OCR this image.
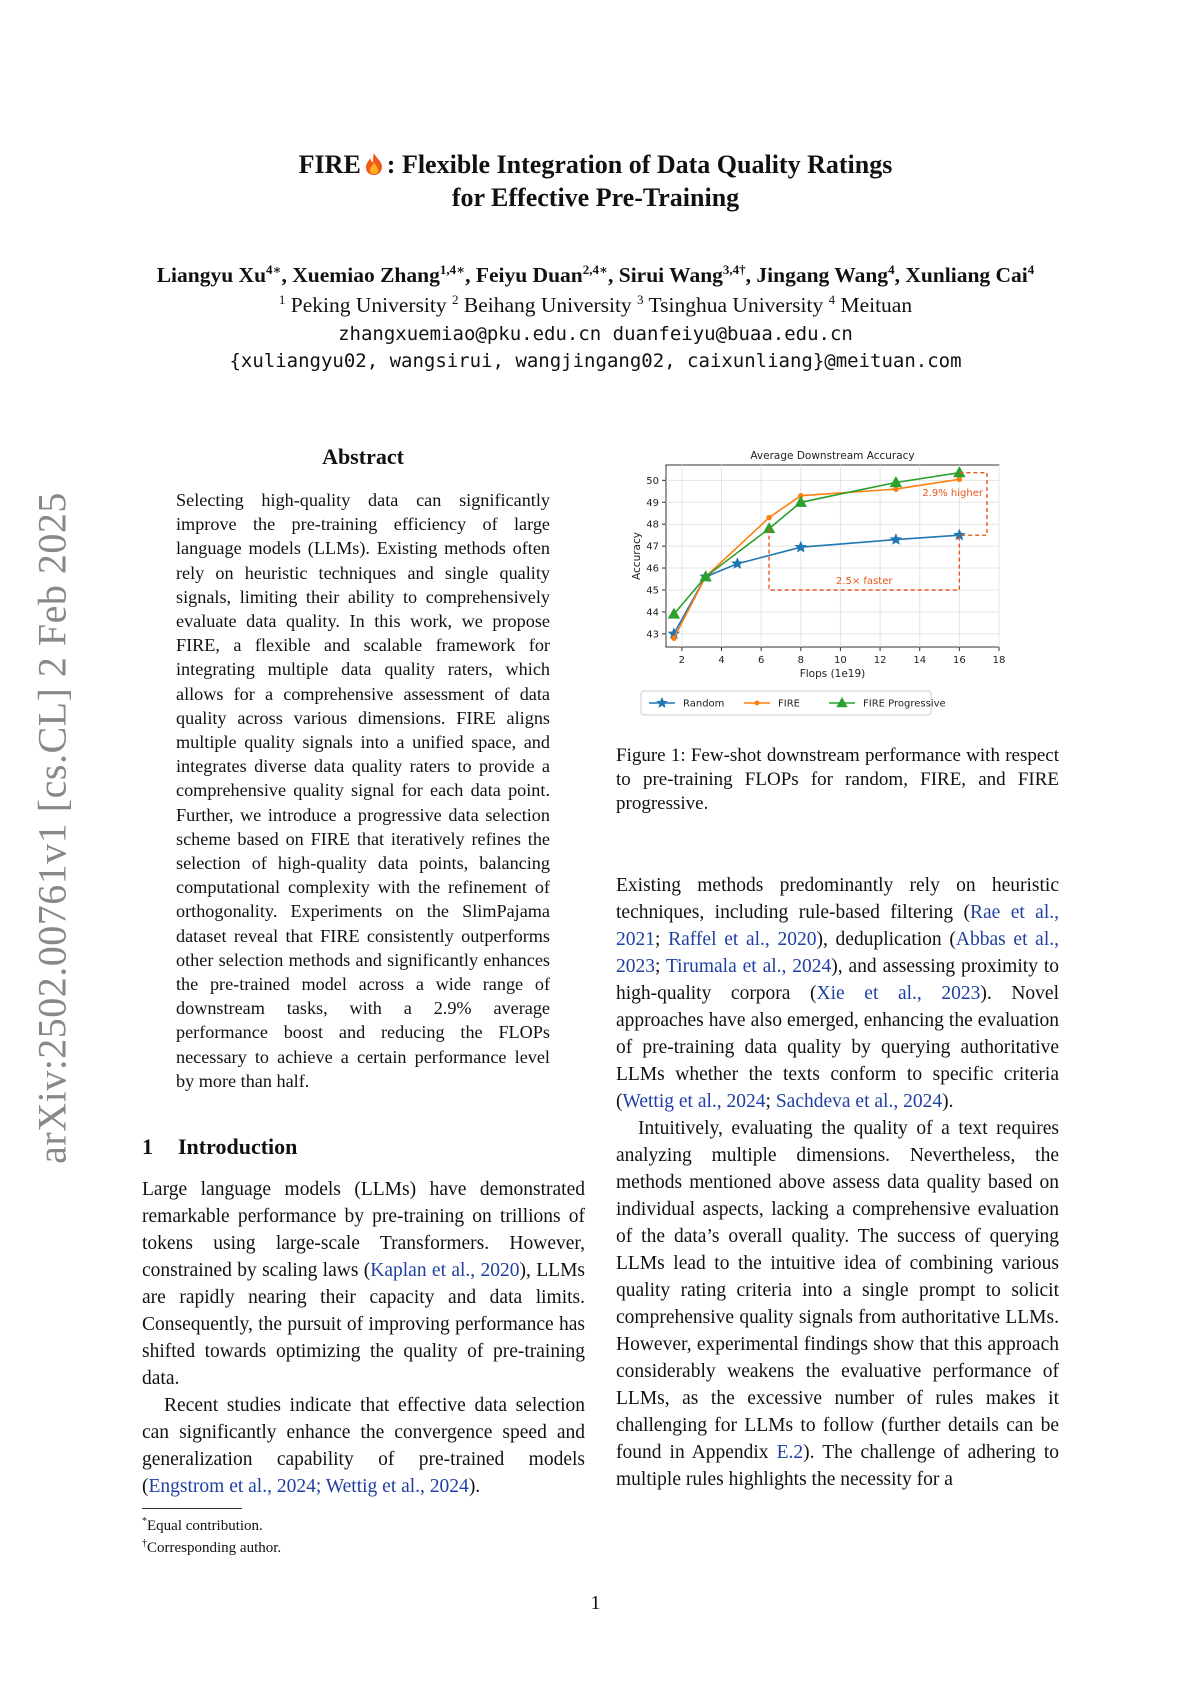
arXiv:2502.00761v1 [cs.CL] 2 Feb 2025
FIRE : Flexible Integration of Data Quality Ratings
for Effective Pre-Training
Liangyu $Xu^{4∗}$, Xuemiao Zhang$^{1,4∗}$, Feiyu Duan$^{2,4∗}$, Sirui Wang$^{3,4\dagger}$, Jingang Wang$^4$, Xunliang Cai$^4$
$^1$ Peking University $^2$ Beihang University $^3$ Tsinghua University $^4$ Meituan
zhangxuemiao@pku.edu.cn duanfeiyu@buaa.edu.cn
{xuliangyu02, wangsirui, wangjingang02, caixunliang}@meituan.com
Abstract
Selecting high-quality data can significantly improve the pre-training efficiency of large language models (LLMs). Existing methods often rely on heuristic techniques and single quality signals, limiting their ability to comprehensively evaluate data quality. In this work, we propose FIRE, a flexible and scalable framework for integrating multiple data quality raters, which allows for a comprehensive assessment of data quality across various dimensions. FIRE aligns multiple quality signals into a unified space, and integrates diverse data quality raters to provide a comprehensive quality signal for each data point. Further, we introduce a progressive data selection scheme based on FIRE that iteratively refines the selection of high-quality data points, balancing computational complexity with the refinement of orthogonality. Experiments on the SlimPajama dataset reveal that FIRE consistently outperforms other selection methods and significantly enhances the pre-trained model across a wide range of downstream tasks, with a 2.9% average performance boost and reducing the FLOPs necessary to achieve a certain performance level by more than half.
1 Introduction

Large language models (LLMs) have demonstrated remarkable performance by pre-training on trillions of tokens using large-scale Transformers. However, constrained by scaling laws (Kaplan et al., 2020), LLMs are rapidly nearing their capacity and data limits. Consequently, the pursuit of improving performance has shifted towards optimizing the quality of pre-training data.

Recent studies indicate that effective data selection can significantly enhance the convergence speed and generalization capability of pre-trained models (Engstrom et al., 2024; Wettig et al., 2024).

*Equal contribution.
†Corresponding author.
2	4	6	8	10	12	14	16	18
43
44
45
46
47
48
49
50
Average Downstream Accuracy
Flops (1e19)
Accuracy
2.9% higher
2.5× faster
Random	FIRE	FIRE Progressive
Figure 1: Few-shot downstream performance with respect to pre-training FLOPs for random, FIRE, and FIRE progressive.

Existing methods predominantly rely on heuristic techniques, including rule-based filtering (Rae et al., 2021; Raffel et al., 2020), deduplication (Abbas et al., 2023; Tirumala et al., 2024), and assessing proximity to high-quality corpora (Xie et al., 2023). Novel approaches have also emerged, enhancing the evaluation of pre-training data quality by querying authoritative LLMs whether the texts conform to specific criteria (Wettig et al., 2024; Sachdeva et al., 2024).

Intuitively, evaluating the quality of a text requires analyzing multiple dimensions. Nevertheless, the methods mentioned above assess data quality based on individual aspects, lacking a comprehensive evaluation of the data’s overall quality. The success of querying LLMs lead to the intuitive idea of combining various quality rating criteria into a single prompt to solicit comprehensive quality signals from authoritative LLMs. However, experimental findings show that this approach considerably weakens the evaluative performance of LLMs, as the excessive number of rules makes it challenging for LLMs to follow (further details can be found in Appendix E.2). The challenge of adhering to multiple rules highlights the necessity for a

1
